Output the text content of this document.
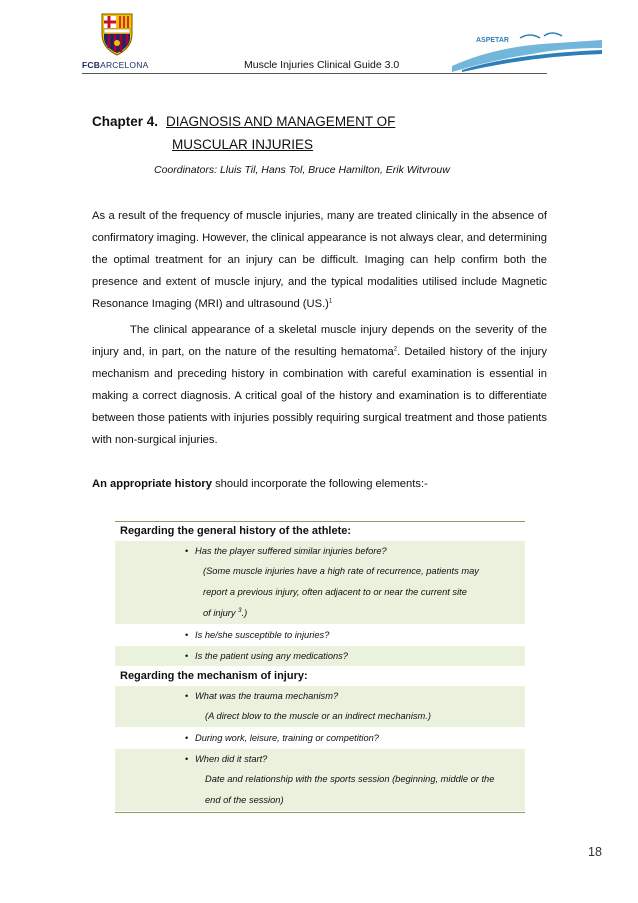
FCBARCELONA	Muscle Injuries Clinical Guide 3.0
ASPETAR
Chapter 4. DIAGNOSIS AND MANAGEMENT OF
MUSCULAR INJURIES
Coordinators: Lluis Til, Hans Tol, Bruce Hamilton, Erik Witvrouw

As a result of the frequency of muscle injuries, many are treated clinically in the absence of confirmatory imaging. However, the clinical appearance is not always clear, and determining the optimal treatment for an injury can be difficult. Imaging can help confirm both the presence and extent of muscle injury, and the typical modalities utilised include Magnetic Resonance Imaging (MRI) and ultrasound $(US.)^1$

The clinical appearance of a skeletal muscle injury depends on the severity of the injury and, in part, on the nature of the resulting hematoma$^2$. Detailed history of the injury mechanism and preceding history in combination with careful examination is essential in making a correct diagnosis. A critical goal of the history and examination is to differentiate between those patients with injuries possibly requiring surgical treatment and those patients with non-surgical injuries.

An appropriate history should incorporate the following elements:-
Regarding the general history of the athlete:
• Has the player suffered similar injuries before?
(Some muscle injuries have a high rate of recurrence, patients may
report a previous injury, often adjacent to or near the current site
of injury $^3$.)
• Is he/she susceptible to injuries?
• Is the patient using any medications?
Regarding the mechanism of injury:
• What was the trauma mechanism?
(A direct blow to the muscle or an indirect mechanism.)
• During work, leisure, training or competition?
• When did it start?
Date and relationship with the sports session (beginning, middle or the
end of the session)
18
